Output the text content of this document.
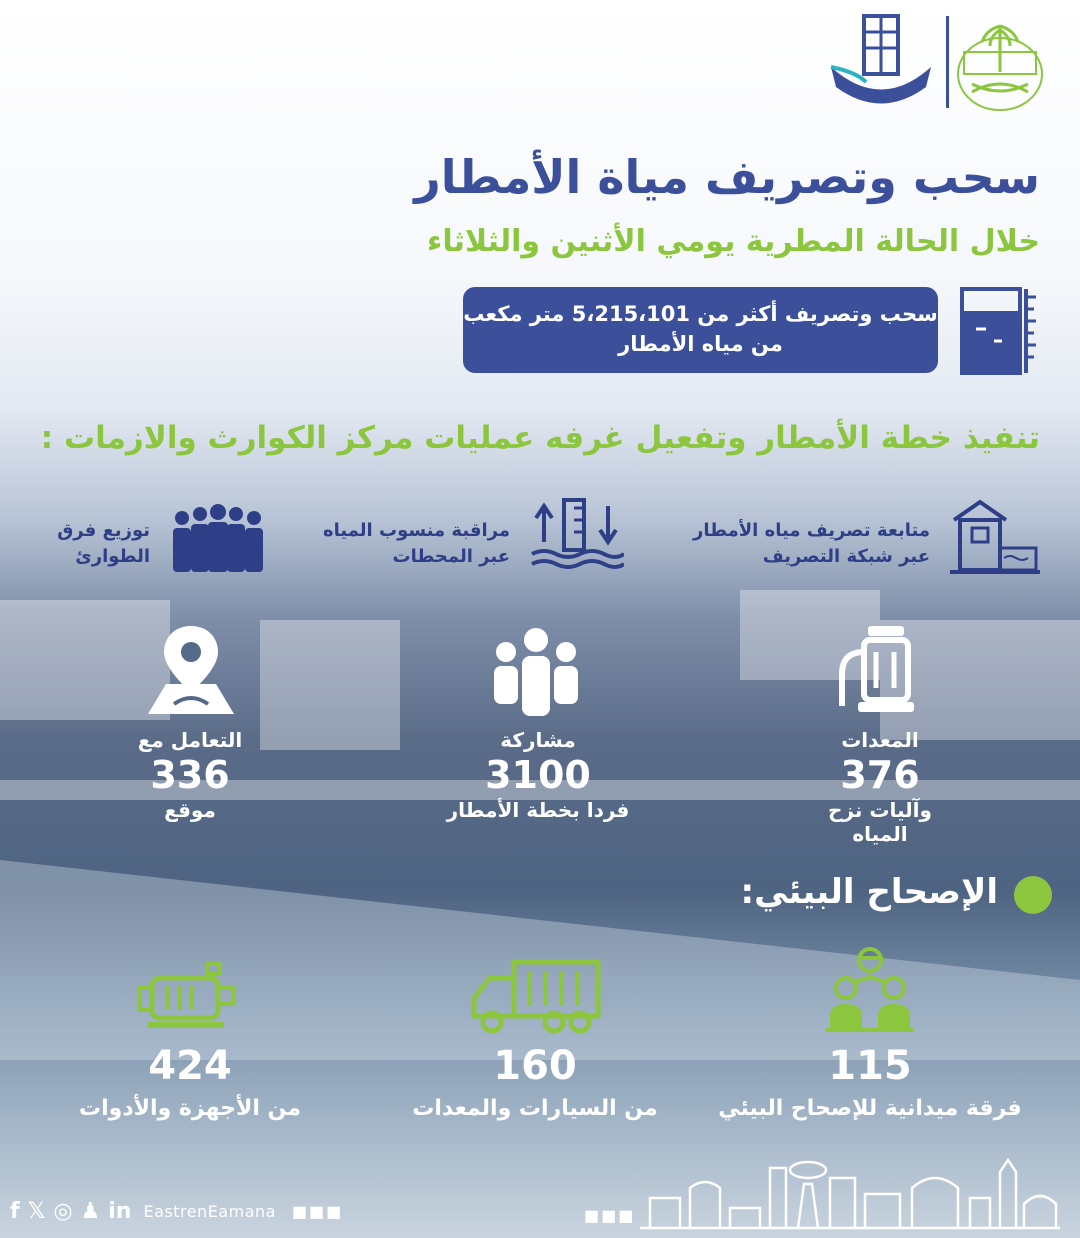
سحب وتصريف مياة الأمطار
خلال الحالة المطرية يومي الأثنين والثلاثاء
سحب وتصريف أكثر من 5،215،101 متر مكعب
من مياه الأمطار
تنفيذ خطة الأمطار وتفعيل غرفه عمليات مركز الكوارث والازمات :
متابعة تصريف مياه الأمطار
عبر شبكة التصريف
مراقبة منسوب المياه
عبر المحطات
توزيع فرق
الطوارئ
المعدات
376
وآليات نزح المياه
مشاركة
3100
فردا بخطة الأمطار
التعامل مع
336
موقع
الإصحاح البيئي:
115
فرقة ميدانية للإصحاح البيئي
160
من السيارات والمعدات
424
من الأجهزة والأدوات
f 𝕏 ◎ ♟ in EastrenEamana ■■■	■■■
